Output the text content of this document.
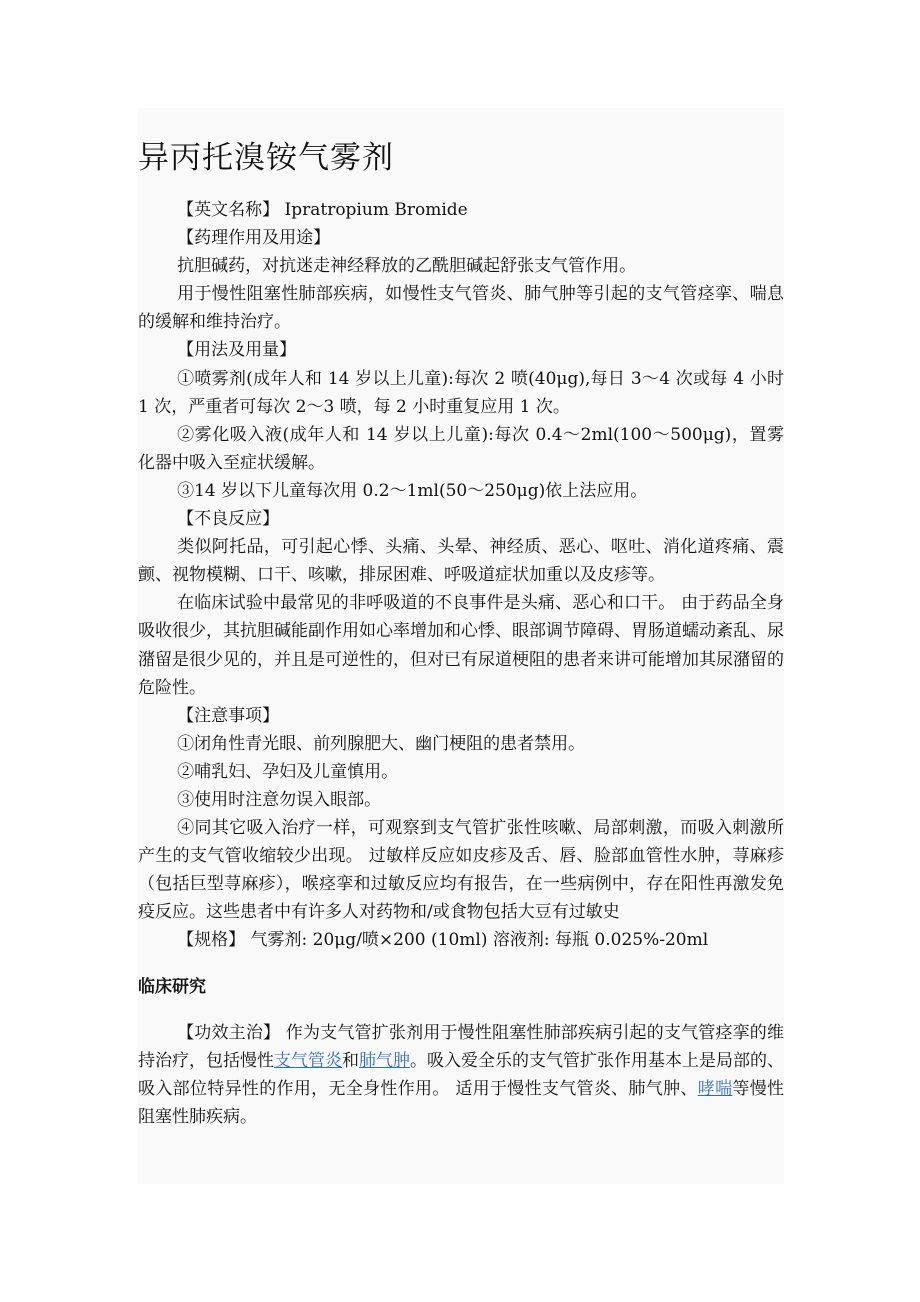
异丙托溴铵气雾剂

【英文名称】 Ipratropium Bromide

【药理作用及用途】

抗胆碱药，对抗迷走神经释放的乙酰胆碱起舒张支气管作用。

用于慢性阻塞性肺部疾病，如慢性支气管炎、肺气肿等引起的支气管痉挛、喘息的缓解和维持治疗。

【用法及用量】

①喷雾剂(成年人和 14 岁以上儿童):每次 2 喷(40μg),每日 3～4 次或每 4 小时 1 次，严重者可每次 2～3 喷，每 2 小时重复应用 1 次。

②雾化吸入液(成年人和 14 岁以上儿童):每次 0.4～2ml(100～500μg)，置雾化器中吸入至症状缓解。

③14 岁以下儿童每次用 0.2～1ml(50～250μg)依上法应用。

【不良反应】

类似阿托品，可引起心悸、头痛、头晕、神经质、恶心、呕吐、消化道疼痛、震颤、视物模糊、口干、咳嗽，排尿困难、呼吸道症状加重以及皮疹等。

在临床试验中最常见的非呼吸道的不良事件是头痛、恶心和口干。 由于药品全身吸收很少，其抗胆碱能副作用如心率增加和心悸、眼部调节障碍、胃肠道蠕动紊乱、尿潴留是很少见的，并且是可逆性的，但对已有尿道梗阻的患者来讲可能增加其尿潴留的危险性。

【注意事项】

①闭角性青光眼、前列腺肥大、幽门梗阻的患者禁用。

②哺乳妇、孕妇及儿童慎用。

③使用时注意勿误入眼部。

④同其它吸入治疗一样，可观察到支气管扩张性咳嗽、局部刺激，而吸入刺激所产生的支气管收缩较少出现。 过敏样反应如皮疹及舌、唇、脸部血管性水肿，荨麻疹（包括巨型荨麻疹），喉痉挛和过敏反应均有报告，在一些病例中，存在阳性再激发免疫反应。这些患者中有许多人对药物和/或食物包括大豆有过敏史

【规格】 气雾剂: 20μg/喷×200 (10ml) 溶液剂: 每瓶 0.025%-20ml

临床研究

【功效主治】 作为支气管扩张剂用于慢性阻塞性肺部疾病引起的支气管痉挛的维持治疗，包括慢性支气管炎和肺气肿。吸入爱全乐的支气管扩张作用基本上是局部的、吸入部位特异性的作用，无全身性作用。 适用于慢性支气管炎、肺气肿、哮喘等慢性阻塞性肺疾病。
